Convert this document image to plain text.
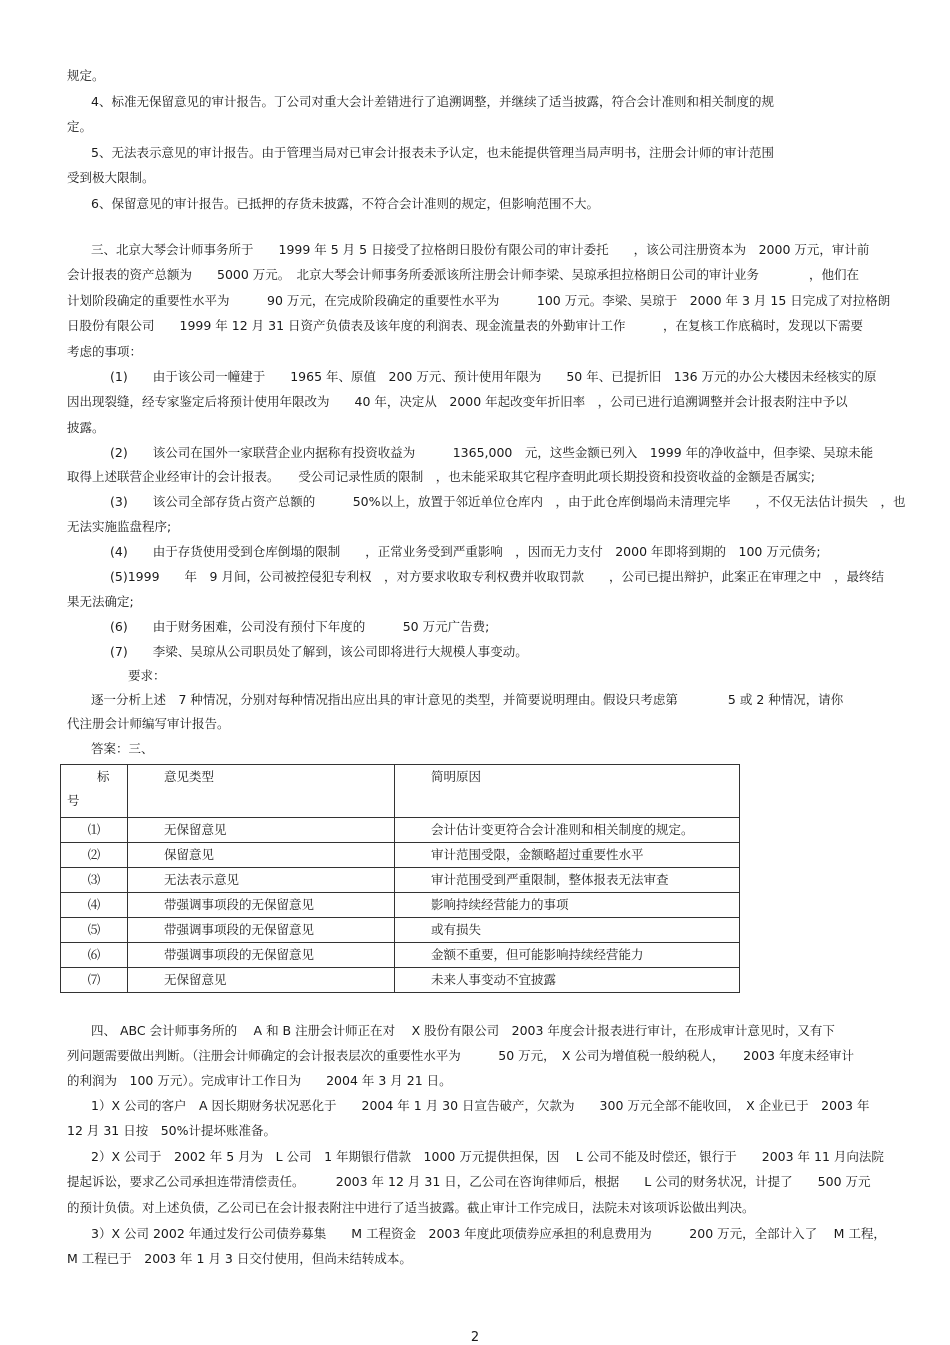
规定。
4、标准无保留意见的审计报告。丁公司对重大会计差错进行了追溯调整，并继续了适当披露，符合会计准则和相关制度的规
定。
5、无法表示意见的审计报告。由于管理当局对已审会计报表未予认定，也未能提供管理当局声明书，注册会计师的审计范围
受到极大限制。
6、保留意见的审计报告。已抵押的存货未披露，不符合会计准则的规定，但影响范围不大。
三、北京大琴会计师事务所于　　1999 年 5 月 5 日接受了拉格朗日股份有限公司的审计委托　　，该公司注册资本为　2000 万元，审计前
会计报表的资产总额为　　5000 万元。　北京大琴会计师事务所委派该所注册会计师李梁、吴琼承担拉格朗日公司的审计业务　　　　，他们在
计划阶段确定的重要性水平为　　　90 万元，在完成阶段确定的重要性水平为　　　100 万元。李梁、吴琼于　2000 年 3 月 15 日完成了对拉格朗
日股份有限公司　　1999 年 12 月 31 日资产负债表及该年度的利润表、现金流量表的外勤审计工作　　　，在复核工作底稿时，发现以下需要
考虑的事项：
(1)　　由于该公司一幢建于　　1965 年、原值　200 万元、预计使用年限为　　50 年、已提折旧　136 万元的办公大楼因未经核实的原
因出现裂缝，经专家鉴定后将预计使用年限改为　　40 年，决定从　2000 年起改变年折旧率　，公司已进行追溯调整并会计报表附注中予以
披露。
(2)　　该公司在国外一家联营企业内据称有投资收益为　　　1365,000　元，这些金额已列入　1999 年的净收益中，但李梁、吴琼未能
取得上述联营企业经审计的会计报表。　　受公司记录性质的限制　，也未能采取其它程序查明此项长期投资和投资收益的金额是否属实;
(3)　　该公司全部存货占资产总额的　　　50%以上，放置于邻近单位仓库内　，由于此仓库倒塌尚未清理完毕　　，不仅无法估计损失　，也
无法实施监盘程序;
(4)　　由于存货使用受到仓库倒塌的限制　　，正常业务受到严重影响　，因而无力支付　2000 年即将到期的　100 万元债务;
(5)1999　　年　9 月间，公司被控侵犯专利权　，对方要求收取专利权费并收取罚款　　，公司已提出辩护，此案正在审理之中　，最终结
果无法确定;
(6)　　由于财务困难，公司没有预付下年度的　　　50 万元广告费;
(7)　　李梁、吴琼从公司职员处了解到，该公司即将进行大规模人事变动。
要求：
逐一分析上述　7 种情况，分别对每种情况指出应出具的审计意见的类型，并简要说明理由。假设只考虑第　　　　5 或 2 种情况，请你
代注册会计师编写审计报告。
答案：三、
四、 ABC 会计师事务所的　 A 和 B 注册会计师正在对　 X 股份有限公司　2003 年度会计报表进行审计，在形成审计意见时，又有下
列问题需要做出判断。（注册会计师确定的会计报表层次的重要性水平为　　　50 万元，　X 公司为增值税一般纳税人，　　2003 年度未经审计
的利润为　100 万元）。完成审计工作日为　　2004 年 3 月 21 日。
1）X 公司的客户　A 因长期财务状况恶化于　　2004 年 1 月 30 日宣告破产，欠款为　　300 万元全部不能收回，　X 企业已于　2003 年
12 月 31 日按　50%计提坏账准备。
2）X 公司于　2002 年 5 月为　L 公司　1 年期银行借款　1000 万元提供担保，因　 L 公司不能及时偿还，银行于　　2003 年 11 月向法院
提起诉讼，要求乙公司承担连带清偿责任。　　　2003 年 12 月 31 日，乙公司在咨询律师后，根据　　L 公司的财务状况，计提了　　500 万元
的预计负债。对上述负债，乙公司已在会计报表附注中进行了适当披露。截止审计工作完成日，法院未对该项诉讼做出判决。
3）X 公司 2002 年通过发行公司债券募集　　M 工程资金　2003 年度此项债券应承担的利息费用为　　　200 万元，全部计入了　 M 工程，
M 工程已于　2003 年 1 月 3 日交付使用，但尚未结转成本。
标
号	意见类型	简明原因
⑴	无保留意见	会计估计变更符合会计准则和相关制度的规定。
⑵	保留意见	审计范围受限，金额略超过重要性水平
⑶	无法表示意见	审计范围受到严重限制，整体报表无法审查
⑷	带强调事项段的无保留意见	影响持续经营能力的事项
⑸	带强调事项段的无保留意见	或有损失
⑹	带强调事项段的无保留意见	金额不重要，但可能影响持续经营能力
⑺	无保留意见	未来人事变动不宜披露
2
